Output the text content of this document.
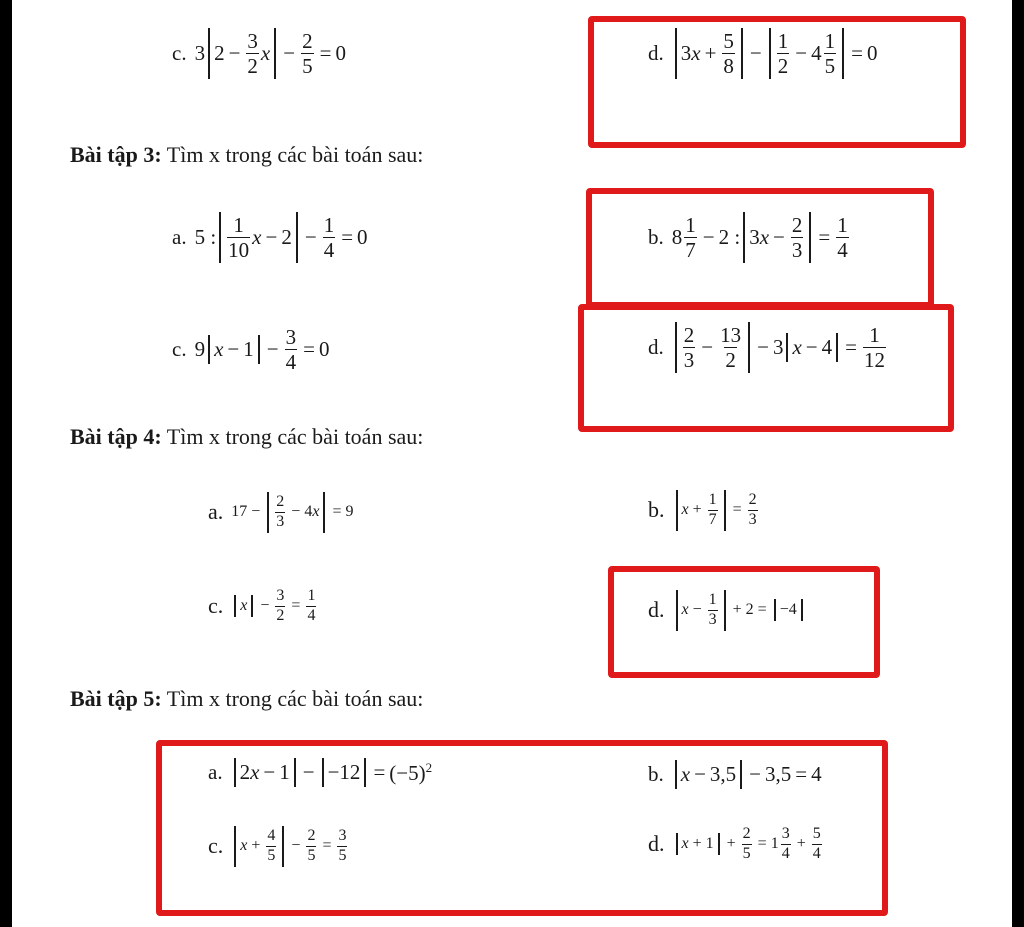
c. 3 $2 - \frac{3}{2}$ $x - \frac{2}{5} = 0$	d. 3 $x + \frac{5}{8} - \frac{1}{2} - 4 \frac{1}{5} = 0$
Bài tập 3: Tìm x trong các bài toán sau:
a. 5 : $\frac{1}{10}$ $x - 2 - \frac{1}{4} = 0$	b. $8 \frac{1}{7} - 2$ : 3 $x - \frac{2}{3} = \frac{1}{4}$
c. 9 $x - 1 - \frac{3}{4} = 0$	d. $\frac{2}{3} - \frac{13}{2} - 3$ $x - 4 = \frac{1}{12}$
Bài tập 4: Tìm x trong các bài toán sau:
a. $17 - \frac{2}{3} - 4$ x = 9	b. $x + \frac{1}{7} = \frac{2}{3}$
c. $x - \frac{3}{2} = \frac{1}{4}$	d. $x - \frac{1}{3} + 2 = -4$
Bài tập 5: Tìm x trong các bài toán sau:
a. 2 $x - 1 - -12 = (-5)^2$	b. x − 3,5 − 3,5 = 4
c. $x + \frac{4}{5} - \frac{2}{5} = \frac{3}{5}$	d. $x + 1 + \frac{2}{5} = 1 \frac{3}{4} + \frac{5}{4}$
